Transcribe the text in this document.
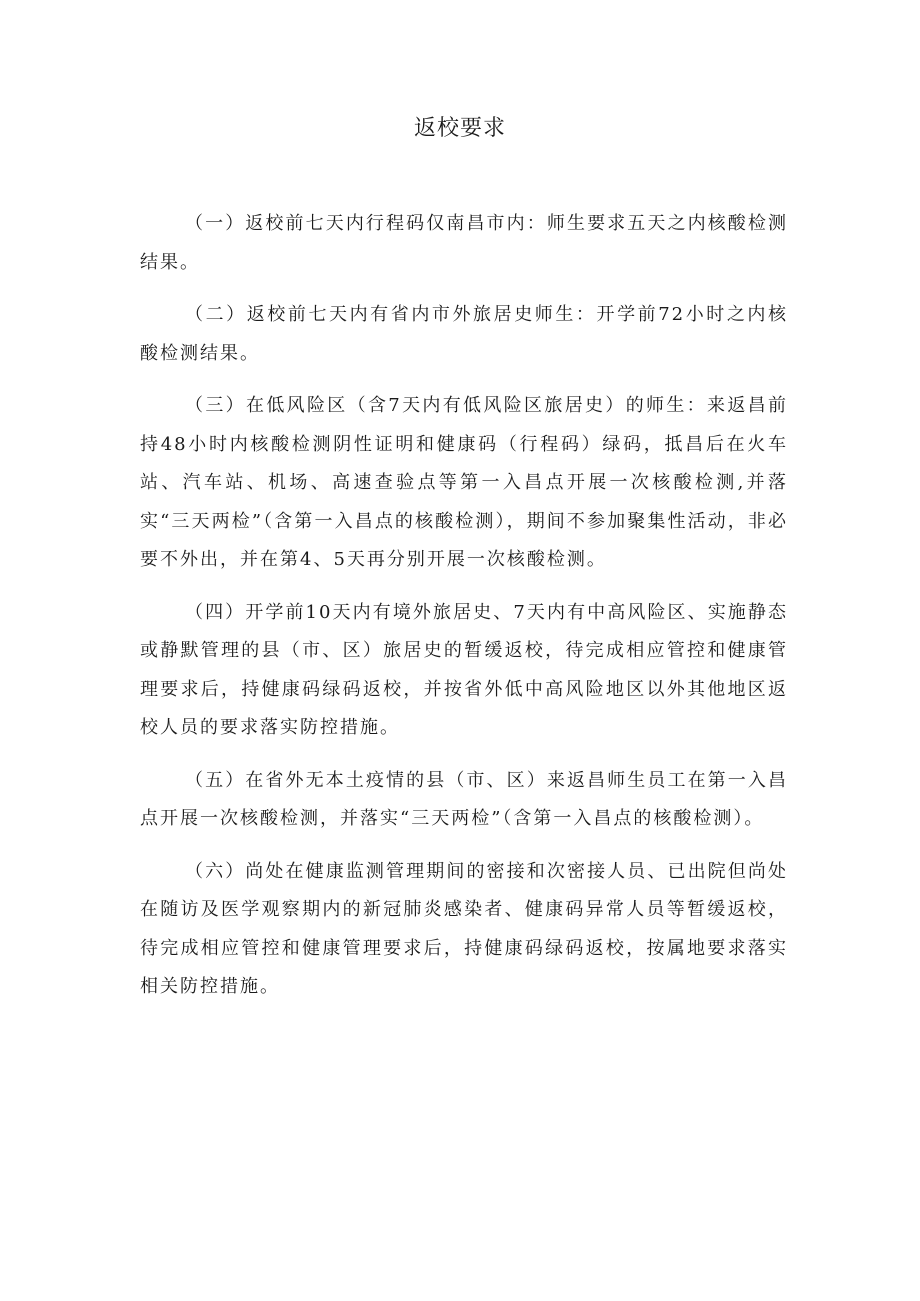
返校要求

（一）返校前七天内行程码仅南昌市内：师生要求五天之内核酸检测结果。

（二）返校前七天内有省内市外旅居史师生：开学前72小时之内核酸检测结果。

（三）在低风险区（含7天内有低风险区旅居史）的师生：来返昌前持48小时内核酸检测阴性证明和健康码（行程码）绿码，抵昌后在火车站、汽车站、机场、高速查验点等第一入昌点开展一次核酸检测,并落实“三天两检”（含第一入昌点的核酸检测），期间不参加聚集性活动，非必要不外出，并在第4、5天再分别开展一次核酸检测。

（四）开学前10天内有境外旅居史、7天内有中高风险区、实施静态或静默管理的县（市、区）旅居史的暂缓返校，待完成相应管控和健康管理要求后，持健康码绿码返校，并按省外低中高风险地区以外其他地区返校人员的要求落实防控措施。

（五）在省外无本土疫情的县（市、区）来返昌师生员工在第一入昌点开展一次核酸检测，并落实“三天两检”（含第一入昌点的核酸检测）。

（六）尚处在健康监测管理期间的密接和次密接人员、已出院但尚处在随访及医学观察期内的新冠肺炎感染者、健康码异常人员等暂缓返校，待完成相应管控和健康管理要求后，持健康码绿码返校，按属地要求落实相关防控措施。
